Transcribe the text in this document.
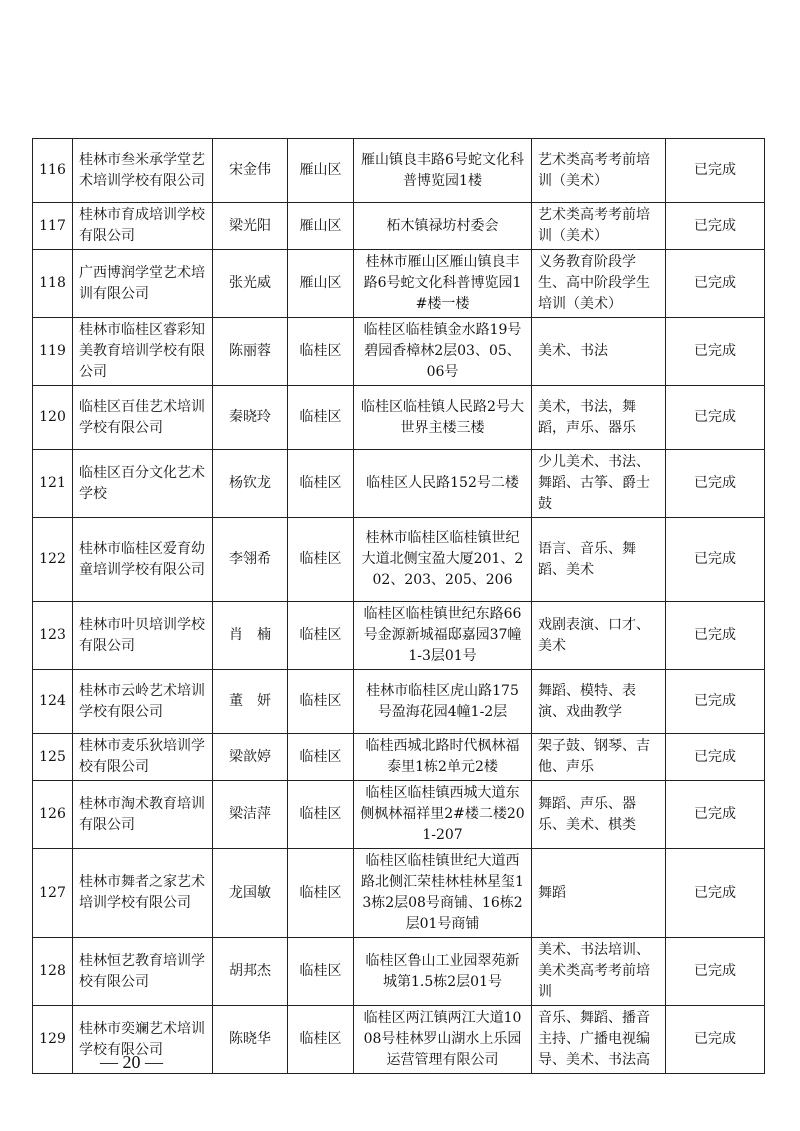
116	桂林市叁米承学堂艺术培训学校有限公司	宋金伟	雁山区	雁山镇良丰路6号蛇文化科普博览园1楼	艺术类高考考前培训（美术）	已完成
117	桂林市育成培训学校有限公司	梁光阳	雁山区	柘木镇禄坊村委会	艺术类高考考前培训（美术）	已完成
118	广西博润学堂艺术培训有限公司	张光威	雁山区	桂林市雁山区雁山镇良丰路6号蛇文化科普博览园1#楼一楼	义务教育阶段学生、高中阶段学生培训（美术）	已完成
119	桂林市临桂区睿彩知美教育培训学校有限公司	陈丽蓉	临桂区	临桂区临桂镇金水路19号碧园香樟林2层03、05、06号	美术、书法	已完成
120	临桂区百佳艺术培训学校有限公司	秦晓玲	临桂区	临桂区临桂镇人民路2号大世界主楼三楼	美术，书法，舞蹈，声乐、器乐	已完成
121	临桂区百分文化艺术学校	杨钦龙	临桂区	临桂区人民路152号二楼	少儿美术、书法、舞蹈、古筝、爵士鼓	已完成
122	桂林市临桂区爱育幼童培训学校有限公司	李翎希	临桂区	桂林市临桂区临桂镇世纪大道北侧宝盈大厦201、202、203、205、206	语言、音乐、舞蹈、美术	已完成
123	桂林市叶贝培训学校有限公司	肖　楠	临桂区	临桂区临桂镇世纪东路66号金源新城福邸嘉园37幢1-3层01号	戏剧表演、口才、美术	已完成
124	桂林市云岭艺术培训学校有限公司	董　妍	临桂区	桂林市临桂区虎山路175号盈海花园4幢1-2层	舞蹈、模特、表演、戏曲教学	已完成
125	桂林市麦乐狄培训学校有限公司	梁歆婷	临桂区	临桂西城北路时代枫林福泰里1栋2单元2楼	架子鼓、钢琴、吉他、声乐	已完成
126	桂林市淘术教育培训有限公司	梁洁萍	临桂区	临桂区临桂镇西城大道东侧枫林福祥里2#楼二楼201-207	舞蹈、声乐、器乐、美术、棋类	已完成
127	桂林市舞者之家艺术培训学校有限公司	龙国敏	临桂区	临桂区临桂镇世纪大道西路北侧汇荣桂林桂林星玺13栋2层08号商铺、16栋2层01号商铺	舞蹈	已完成
128	桂林恒艺教育培训学校有限公司	胡邦杰	临桂区	临桂区鲁山工业园翠苑新城第1.5栋2层01号	美术、书法培训、美术类高考考前培训	已完成
129	桂林市奕斓艺术培训学校有限公司	陈晓华	临桂区	临桂区两江镇两江大道1008号桂林罗山湖水上乐园运营管理有限公司	音乐、舞蹈、播音主持、广播电视编导、美术、书法高	已完成
— 20 —
